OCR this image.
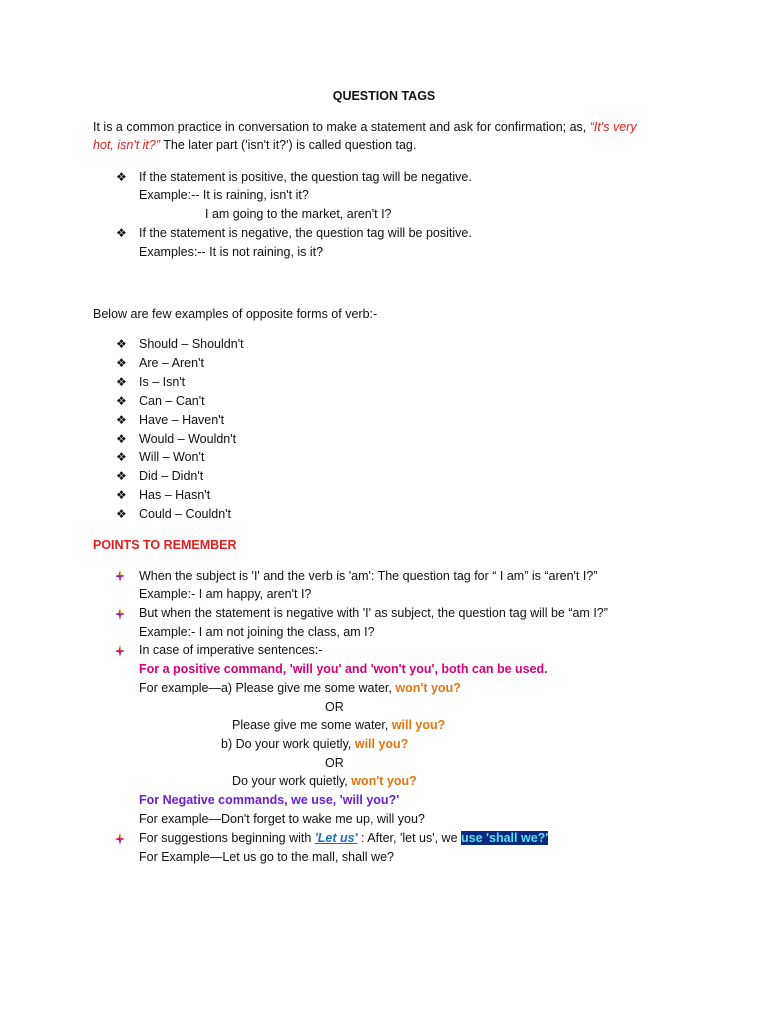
QUESTION TAGS
It is a common practice in conversation to make a statement and ask for confirmation; as, “It's very
hot, isn't it?” The later part ('isn't it?') is called question tag.
❖ If the statement is positive, the question tag will be negative.
Example:-- It is raining, isn't it?
I am going to the market, aren't I?
❖ If the statement is negative, the question tag will be positive.
Examples:-- It is not raining, is it?
Below are few examples of opposite forms of verb:-
❖ Should – Shouldn't
❖ Are – Aren't
❖ Is – Isn't
❖ Can – Can't
❖ Have – Haven't
❖ Would – Wouldn't
❖ Will – Won't
❖ Did – Didn't
❖ Has – Hasn't
❖ Could – Couldn't
POINTS TO REMEMBER
When the subject is 'I' and the verb is 'am': The question tag for “ I am” is “aren't I?”
Example:- I am happy, aren't I?
But when the statement is negative with 'I' as subject, the question tag will be “am I?”
Example:- I am not joining the class, am I?
In case of imperative sentences:-
For a positive command, 'will you' and 'won't you', both can be used.
For example—a) Please give me some water, won't you?
OR
Please give me some water, will you?
b) Do your work quietly, will you?
OR
Do your work quietly, won't you?
For Negative commands, we use, 'will you?'
For example—Don't forget to wake me up, will you?
For suggestions beginning with 'Let us' : After, 'let us', we use 'shall we?'
For Example—Let us go to the mall, shall we?
